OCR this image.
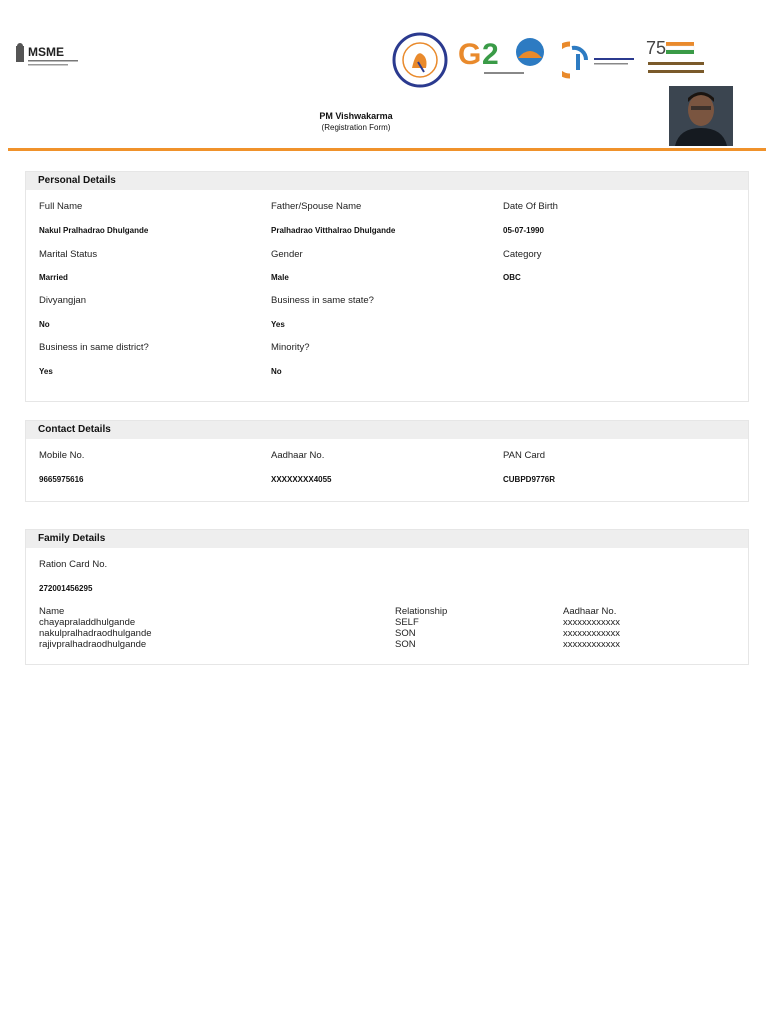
MSME	G 2	75
PM Vishwakarma
(Registration Form)
Personal Details
Full Name
Nakul Pralhadrao Dhulgande
Father/Spouse Name
Pralhadrao Vitthalrao Dhulgande
Date Of Birth
05-07-1990
Marital Status
Married
Gender
Male
Category
OBC
Divyangjan
No
Business in same state?
Yes
Business in same district?
Yes
Minority?
No
Contact Details
Mobile No.
9665975616
Aadhaar No.
XXXXXXXX4055
PAN Card
CUBPD9776R
Family Details
Ration Card No.
272001456295
Name	Relationship	Aadhaar No.
chayapraladdhulgande	SELF	xxxxxxxxxxxx
nakulpralhadraodhulgande	SON	xxxxxxxxxxxx
rajivpralhadraodhulgande	SON	xxxxxxxxxxxx
